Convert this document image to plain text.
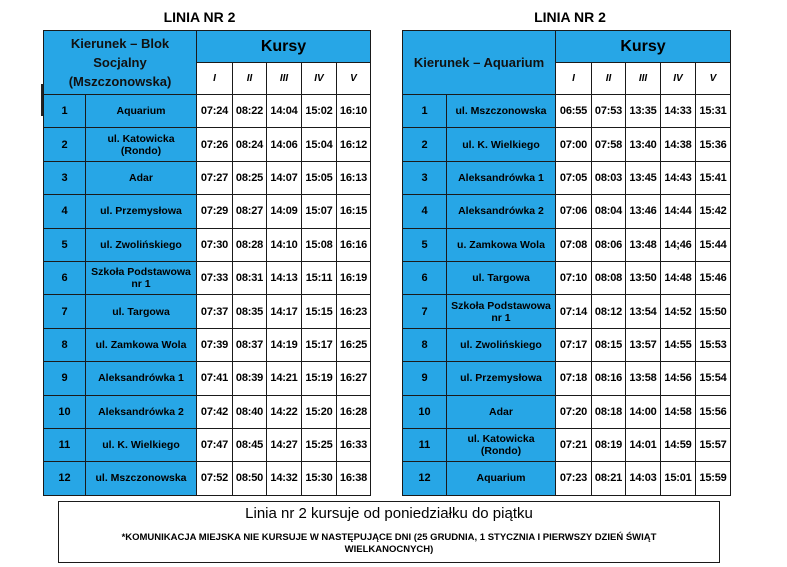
LINIA NR 2	LINIA NR 2
Kierunek – Blok Socjalny (Mszczonowska)		Kursy				
		I	II	III	IV	V
1	Aquarium	07:24	08:22	14:04	15:02	16:10
2	ul. Katowicka (Rondo)	07:26	08:24	14:06	15:04	16:12
3	Adar	07:27	08:25	14:07	15:05	16:13
4	ul. Przemysłowa	07:29	08:27	14:09	15:07	16:15
5	ul. Zwolińskiego	07:30	08:28	14:10	15:08	16:16
6	Szkoła Podstawowa nr 1	07:33	08:31	14:13	15:11	16:19
7	ul. Targowa	07:37	08:35	14:17	15:15	16:23
8	ul. Zamkowa Wola	07:39	08:37	14:19	15:17	16:25
9	Aleksandrówka 1	07:41	08:39	14:21	15:19	16:27
10	Aleksandrówka 2	07:42	08:40	14:22	15:20	16:28
11	ul. K. Wielkiego	07:47	08:45	14:27	15:25	16:33
12	ul. Mszczonowska	07:52	08:50	14:32	15:30	16:38
Kierunek – Aquarium		Kursy				
		I	II	III	IV	V
1	ul. Mszczonowska	06:55	07:53	13:35	14:33	15:31
2	ul. K. Wielkiego	07:00	07:58	13:40	14:38	15:36
3	Aleksandrówka 1	07:05	08:03	13:45	14:43	15:41
4	Aleksandrówka 2	07:06	08:04	13:46	14:44	15:42
5	u. Zamkowa Wola	07:08	08:06	13:48	14;46	15:44
6	ul. Targowa	07:10	08:08	13:50	14:48	15:46
7	Szkoła Podstawowa nr 1	07:14	08:12	13:54	14:52	15:50
8	ul. Zwolińskiego	07:17	08:15	13:57	14:55	15:53
9	ul. Przemysłowa	07:18	08:16	13:58	14:56	15:54
10	Adar	07:20	08:18	14:00	14:58	15:56
11	ul. Katowicka (Rondo)	07:21	08:19	14:01	14:59	15:57
12	Aquarium	07:23	08:21	14:03	15:01	15:59
Linia nr 2 kursuje od poniedziałku do piątku
*KOMUNIKACJA MIEJSKA NIE KURSUJE W NASTĘPUJĄCE DNI (25 GRUDNIA, 1 STYCZNIA I PIERWSZY DZIEŃ ŚWIĄT WIELKANOCNYCH)
